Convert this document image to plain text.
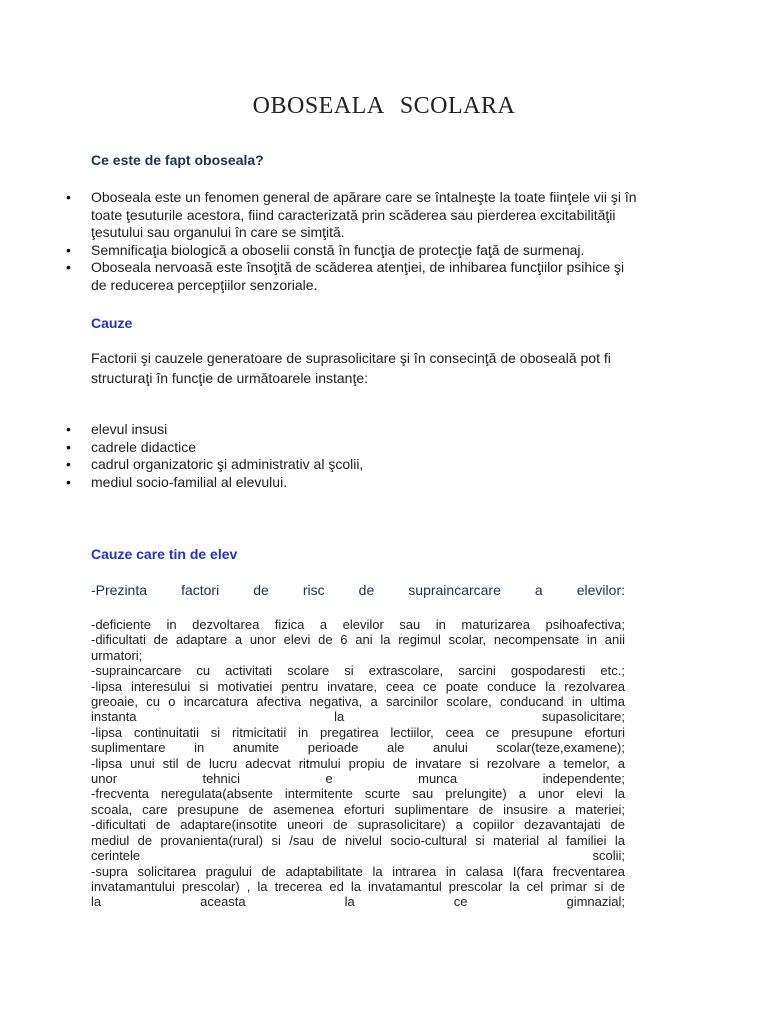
OBOSEALA SCOLARA
Ce este de fapt oboseala?
• Oboseala este un fenomen general de apărare care se întalneşte la toate fiinţele vii şi în
toate ţesuturile acestora, fiind caracterizată prin scăderea sau pierderea excitabilităţii
ţesutului sau organului în care se simţită.
• Semnificaţia biologică a oboselii constă în funcţia de protecţie faţă de surmenaj.
• Oboseala nervoasă este însoţită de scăderea atenţiei, de inhibarea funcţiilor psihice şi
de reducerea percepţiilor senzoriale.
Cauze

Factorii şi cauzele generatoare de suprasolicitare şi în consecinţă de oboseală pot fi
structuraţi în funcţie de următoarele instanţe:

• elevul insusi
• cadrele didactice
• cadrul organizatoric şi administrativ al şcolii,
• mediul socio-familial al elevului.
Cauze care tin de elev

-Prezinta factori de risc de supraincarcare a elevilor:

-deficiente in dezvoltarea fizica a elevilor sau in maturizarea psihoafectiva;
-dificultati de adaptare a unor elevi de 6 ani la regimul scolar, necompensate in anii
urmatori;
-supraincarcare cu activitati scolare si extrascolare, sarcini gospodaresti etc.;
-lipsa interesului si motivatiei pentru invatare, ceea ce poate conduce la rezolvarea
greoaie, cu o incarcatura afectiva negativa, a sarcinilor scolare, conducand in ultima
instanta la supasolicitare;
-lipsa continuitatii si ritmicitatii in pregatirea lectiilor, ceea ce presupune eforturi
suplimentare in anumite perioade ale anului scolar(teze,examene);
-lipsa unui stil de lucru adecvat ritmului propiu de invatare si rezolvare a temelor, a
unor tehnici e munca independente;
-frecventa neregulata(absente intermitente scurte sau prelungite) a unor elevi la
scoala, care presupune de asemenea eforturi suplimentare de insusire a materiei;
-dificultati de adaptare(insotite uneori de suprasolicitare) a copiilor dezavantajati de
mediul de provanienta(rural) si /sau de nivelul socio-cultural si material al familiei la
cerintele scolii;
-supra solicitarea pragului de adaptabilitate la intrarea in calasa I(fara frecventarea
invatamantului prescolar) , la trecerea ed la invatamantul prescolar la cel primar si de
la aceasta la ce gimnazial;
